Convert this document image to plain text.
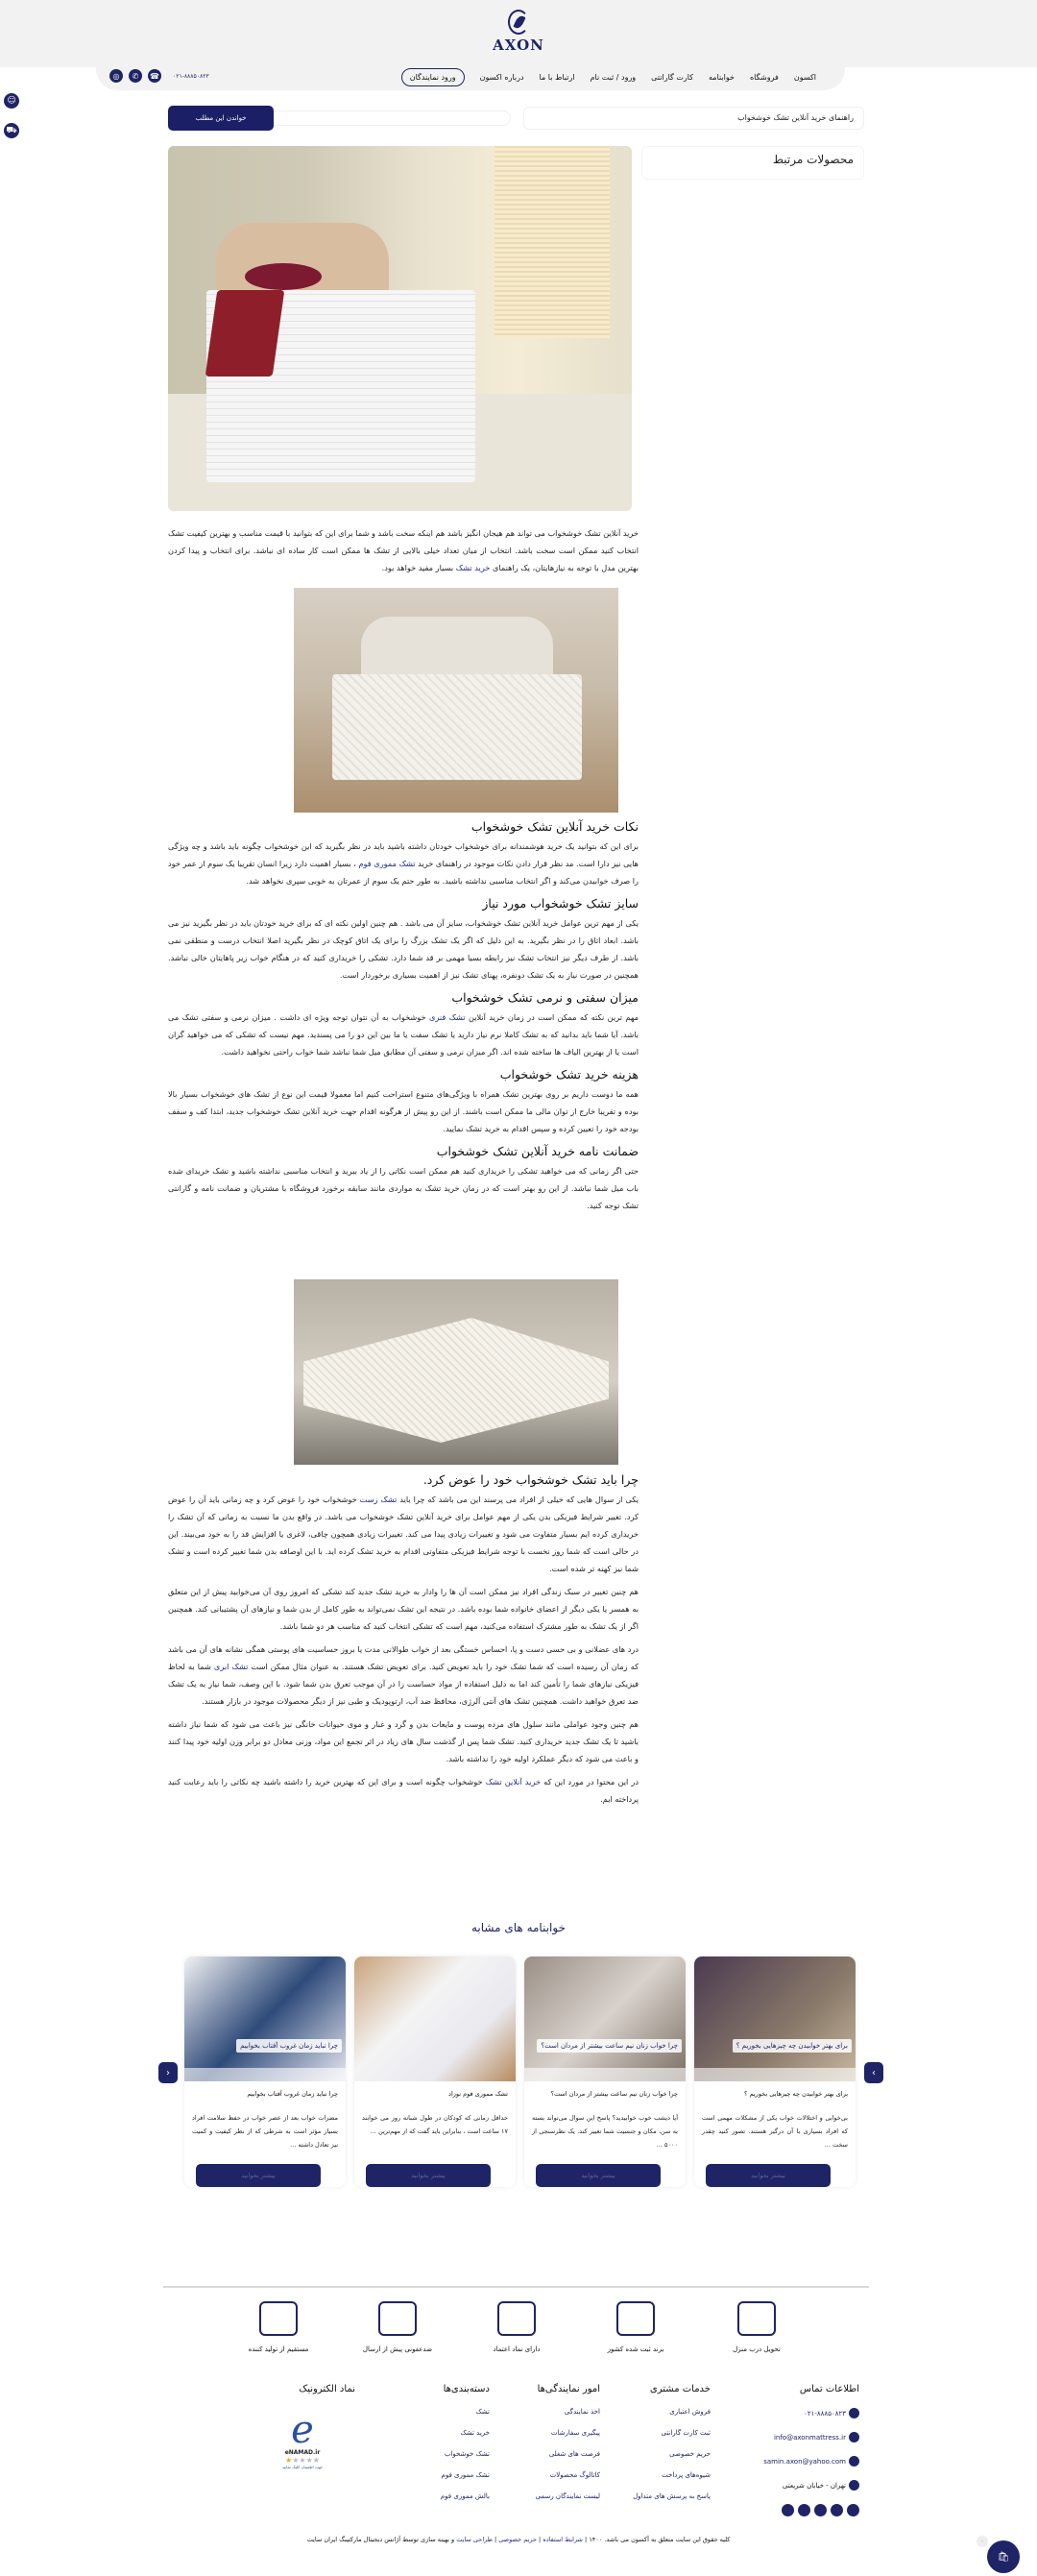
AXON
اکسون
فروشگاه
خوابنامه
کارت گارانتی
ورود / ثبت نام
ارتباط با ما
درباره اکسون
ورود نمایندگان
◎	✆	☎	۰۲۱-۸۸۸۵۰۸۲۳
☺
⛟
راهنمای خرید آنلاین تشک خوشخواب
خواندن این مطلب
محصولات مرتبط

خرید آنلاین تشک خوشخواب می تواند هم هیجان انگیز باشد هم اینکه سخت باشد و شما برای این که بتوانید با قیمت مناسب و بهترین کیفیت تشک انتخاب کنید ممکن است سخت باشد. انتخاب از میان تعداد خیلی بالایی از تشک ها ممکن است کار ساده ای نباشد. برای انتخاب و پیدا کردن بهترین مدل با توجه به نیازهایتان، یک راهنمای خرید تشک بسیار مفید خواهد بود.

نکات خرید آنلاین تشک خوشخواب

برای این که بتوانید یک خرید هوشمندانه برای خوشخواب خودتان داشته باشید باید در نظر بگیرید که این خوشخواب چگونه باید باشد و چه ویژگی هایی نیز دارا است. مد نظر قرار دادن نکات موجود در راهنمای خرید تشک مموری فوم ، بسیار اهمیت دارد زیرا انسان تقریبا یک سوم از عمر خود را صرف خوابیدن می‌کند و اگر انتخاب مناسبی نداشته باشید. به طور حتم یک سوم از عمرتان به خوبی سپری نخواهد شد.

سایز تشک خوشخواب مورد نیاز

یکی از مهم ترین عوامل خرید آنلاین تشک خوشخواب، سایز آن می باشد . هم چنین اولین نکته ای که برای خرید خودتان باید در نظر بگیرید نیز می باشد. ابعاد اتاق را در نظر بگیرید. به این دلیل که اگر یک تشک بزرگ را برای یک اتاق کوچک در نظر بگیرید اصلا انتخاب درست و منطقی نمی باشد. از طرف دیگر نیز انتخاب تشک نیز رابطه بسیا مهمی بر قد شما دارد. تشکی را خریداری کنید که در هنگام خواب زیر پاهایتان خالی نباشد. همچنین در صورت نیاز به یک تشک دونفره، پهنای تشک نیز از اهمیت بسیاری برخوردار است.

میزان سفتی و نرمی تشک خوشخواب

مهم ترین نکته که ممکن است در زمان خرید آنلاین تشک فنری خوشخواب به آن نتوان توجه ویژه ای داشت . میزان نرمی و سفتی تشک می باشد. آیا شما باید بدانید که به تشک کاملا نرم نیاز دارید یا تشک سفت یا ما بین این دو را می پسندید. مهم نیست که تشکی که می خواهید گران است یا از بهترین الیاف ها ساخته شده اند. اگر میزان نرمی و سفتی آن مطابق میل شما نباشد شما خواب راحتی نخواهید داشت.

هزینه خرید تشک خوشخواب

همه ما دوست داریم بر روی بهترین تشک همراه با ویژگی‌های متنوع استراحت کنیم اما معمولا قیمت این نوع از تشک های خوشخواب بسیار بالا بوده و تقریبا خارج از توان مالی ما ممکن است باشند. از این رو پیش از هرگونه اقدام جهت خرید آنلاین تشک خوشخواب جدید، ابتدا کف و سقف بودجه خود را تعیین کرده و سپس اقدام به خرید تشک نمایید.

ضمانت نامه خرید آنلاین تشک خوشخواب

حتی اگر زمانی که می خواهید تشکی را خریداری کنید هم ممکن است نکاتی را از یاد ببرید و انتخاب مناسبی نداشته باشید و تشک خریدای شده باب میل شما نباشد. از این رو بهتر است که در زمان خرید تشک به مواردی مانند سابقه برخورد فروشگاه با مشتریان و ضمانت نامه و گارانتی تشک توجه کنید.

چرا باید تشک خوشخواب خود را عوض کرد.

یکی از سوال هایی که خیلی از افراد می پرسند این می باشد که چرا باید تشک زست خوشخواب خود را عوض کرد و چه زمانی باید آن را عوض کرد. تغییر شرایط فیزیکی بدن یکی از مهم عوامل برای خرید آنلاین تشک خوشخواب می باشد. در واقع بدن ما نسبت به زمانی که آن تشک را خریداری کرده ایم بسیار متفاوت می شود و تغییرات زیادی پیدا می کند. تغییرات زیادی همچون چاقی، لاغری یا افزایش قد را به خود می‌بیند. این در حالی است که شما روز نخست با توجه شرایط فیزیکی متفاوتی اقدام به خرید تشک کرده اید. با این اوصافه بدن شما تغییر کرده است و تشک شما نیز کهنه تر شده است.

هم چنین تغییر در سبک زندگی افراد نیز ممکن است آن ها را وادار به خرید تشک جدید کند تشکی که امروز روی آن می‌خوابید پیش از این متعلق به همسر یا یکی دیگر از اعضای خانواده شما بوده باشد. در نتیجه این تشک نمی‌تواند به طور کامل از بدن شما و نیازهای آن پشتیبانی کند. همچنین اگر از یک تشک به طور مشترک استفاده می‌کنید، مهم است که تشکی انتخاب کنید که مناسب هر دو شما باشد.

درد های عضلانی و بی حسی دست و پا، احساس خستگی بعد از خواب طوالانی مدت یا بروز حساسیت های پوستی همگی نشانه های آن می باشد که زمان آن رسیده است که شما تشک خود را باید تعویض کنید. برای تعویض تشک هستند. به عنوان مثال ممکن است تشک ابری شما به لحاظ فیزیکی نیازهای شما را تأمین کند اما به دلیل استفاده از مواد حساست زا در آن موجب تعرق بدن شما شود. با این وصف، شما نیاز به یک تشک ضد تعرق خواهید داشت. همچنین تشک های آنتی آلرژی، محافظ ضد آب، ارتوپودیک و طبی نیز از دیگر محصولات موجود در بازار هستند.

هم چنین وجود عواملی مانند سلول های مرده پوست و مایعات بدن و گرد و غبار و موی حیوانات خانگی نیز باعث می شود که شما نیاز داشته باشید تا یک تشک جدید خریداری کنید. تشک شما پس از گذشت سال های زیاد در اثر تجمع این مواد، وزنی معادل دو برابر وزن اولیه خود پیدا کنند و باعث می شود که دیگر عملکرد اولیه خود را نداشته باشد.

در این محتوا در مورد این که خرید آنلاین تشک خوشخواب چگونه است و برای این که بهترین خرید را داشته باشید چه نکاتی را باید رعایت کنید پرداخته ایم.

خوابنامه های مشابه
›
‹
برای بهتر خوابیدن چه چیزهایی بخوریم ؟
برای بهتر خوابیدن چه چیزهایی بخوریم ؟
بی‌خوابی و اختلالات خواب یکی از مشکلات مهمی است که افراد بسیاری با آن درگیر هستند. تصور کنید چقدر سخت ...
بیشتر بخوانید
چرا خواب زنان نیم ساعت بیشتر از مردان است؟
چرا خواب زنان نیم ساعت بیشتر از مردان است؟
آیا دیشب خوب خوابیدید؟ پاسخ این سوال می‌تواند بسته به سن، مکان و جنسیت شما تغییر کند. یک نظرسنجی از ۵۰۰۰ ...
بیشتر بخوانید
تشک مموری فوم نوزاد
حداقل زمانی که کودکان در طول شبانه روز می خوابند ۱۷ ساعت است ، بنابراین باید گفت که از مهم‌ترین ...
بیشتر بخوانید
چرا نباید زمان غروب آفتاب بخوابیم
چرا نباید زمان غروب آفتاب بخوابیم
مضرات خواب بعد از عصر خواب در حفظ سلامت افراد بسیار مؤثر است به شرطی که از نظر کیفیت و کمیت نیز تعادل داشته ...
بیشتر بخوانید
تحویل درب منزل
برند ثبت شده کشور
دارای نماد اعتماد
ضدعفونی پیش از ارسال
مستقیم از تولید کننده
اطلاعات تماس
۰۲۱-۸۸۸۵۰۸۲۳
info@axonmattress.ir
samin.axon@yahoo.com
تهران - خیابان شریعتی
خدمات مشتری
فروش اعتباری
ثبت کارت گارانتی
حریم خصوصی
شیوه‌های پرداخت
پاسخ به پرسش های متداول
امور نمایندگی‌ها
اخذ نمایندگی
پیگیری سفارشات
فرصت های شغلی
کاتالوگ محصولات
لیست نمایندگان رسمی
دسته‌بندی‌ها
تشک
خرید تشک
تشک خوشخواب
تشک مموری فوم
بالش مموری فوم
نماد الکترونیک
e
eNAMAD.ir
★★★★★
جهت اطمینان کلیک نمایید
کلیه حقوق این سایت متعلق به آکسون می باشد. ۱۴۰۰ | شرایط استفاده | حریم خصوصی | طراحی سایت و بهینه سازی توسط آژانس دیجیتال مارکتینگ ایران سایت
🛍
۰
